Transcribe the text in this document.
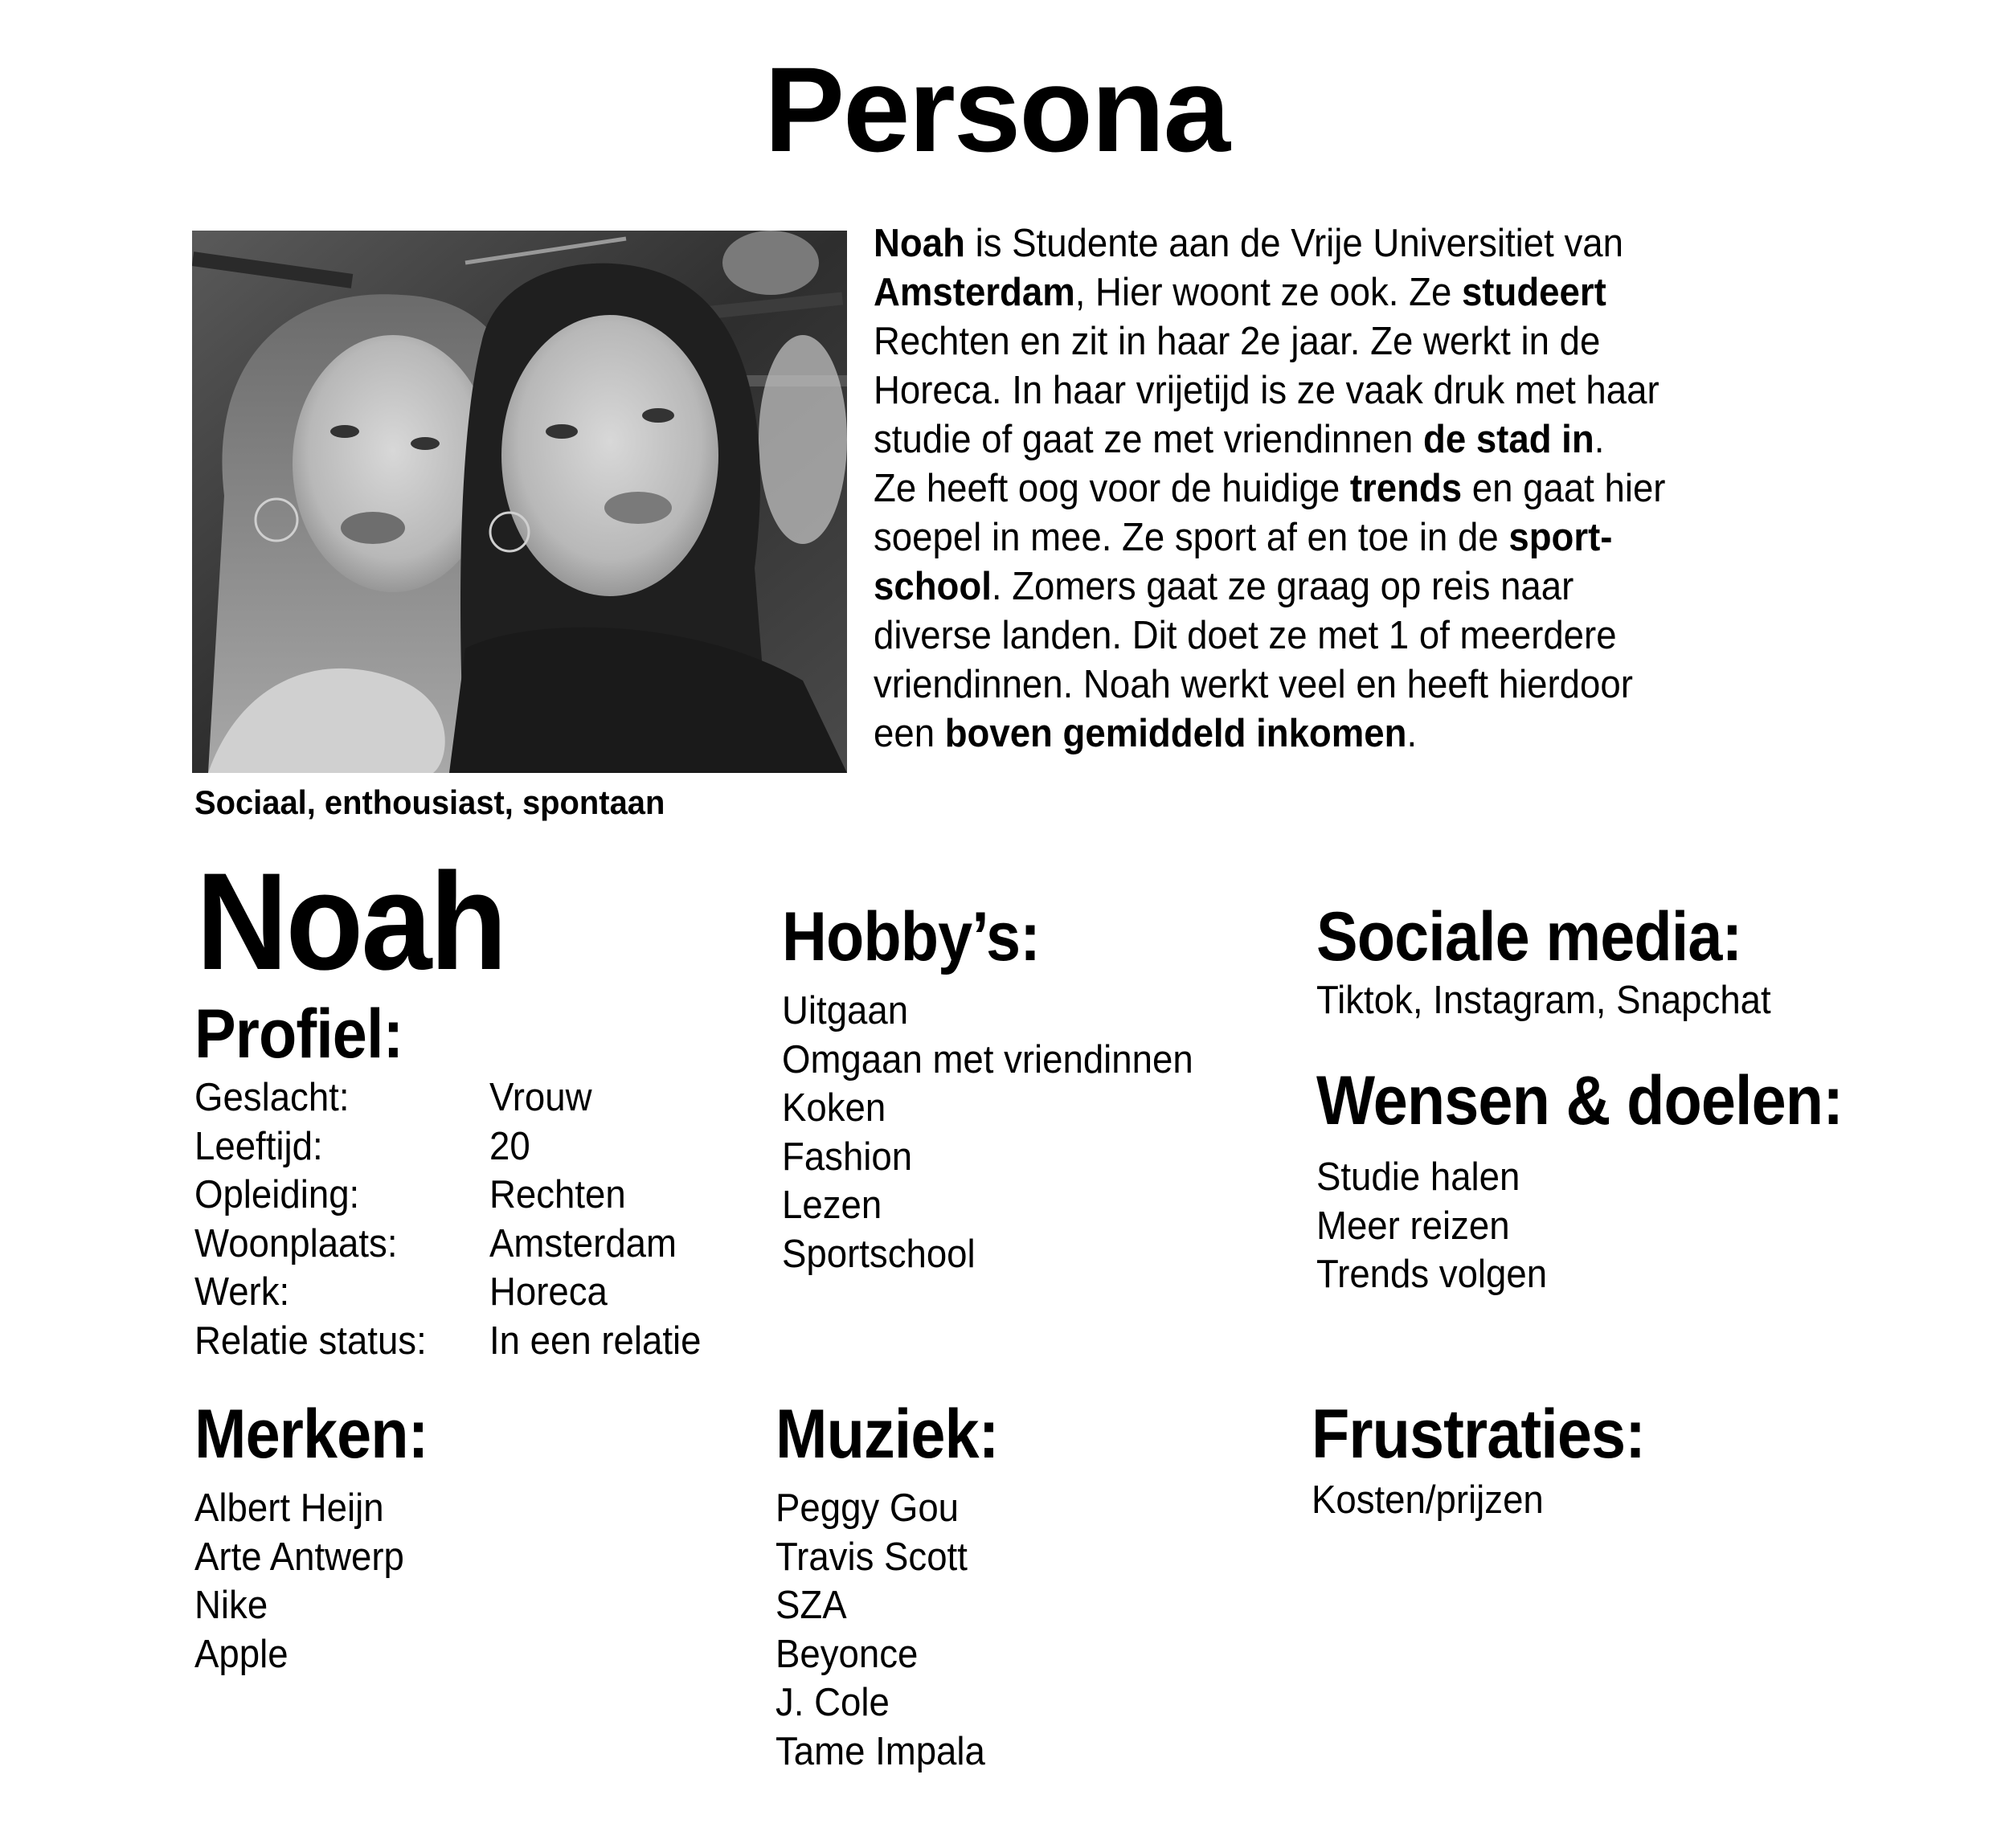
Persona
Sociaal, enthousiast, spontaan
Noah is Studente aan de Vrije Universitiet van
Amsterdam, Hier woont ze ook. Ze studeert
Rechten en zit in haar 2e jaar. Ze werkt in de
Horeca. In haar vrijetijd is ze vaak druk met haar
studie of gaat ze met vriendinnen de stad in.
Ze heeft oog voor de huidige trends en gaat hier
soepel in mee. Ze sport af en toe in de sport-
school. Zomers gaat ze graag op reis naar
diverse landen. Dit doet ze met 1 of meerdere
vriendinnen. Noah werkt veel en heeft hierdoor
een boven gemiddeld inkomen.
Noah
Profiel:
Geslacht:	Vrouw
Leeftijd:	20
Opleiding:	Rechten
Woonplaats:	Amsterdam
Werk:	Horeca
Relatie status:	In een relatie
Hobby’s:
Uitgaan
Omgaan met vriendinnen
Koken
Fashion
Lezen
Sportschool
Sociale media:
Tiktok, Instagram, Snapchat
Wensen & doelen:
Studie halen
Meer reizen
Trends volgen
Merken:
Albert Heijn
Arte Antwerp
Nike
Apple
Muziek:
Peggy Gou
Travis Scott
SZA
Beyonce
J. Cole
Tame Impala
Frustraties:
Kosten/prijzen
